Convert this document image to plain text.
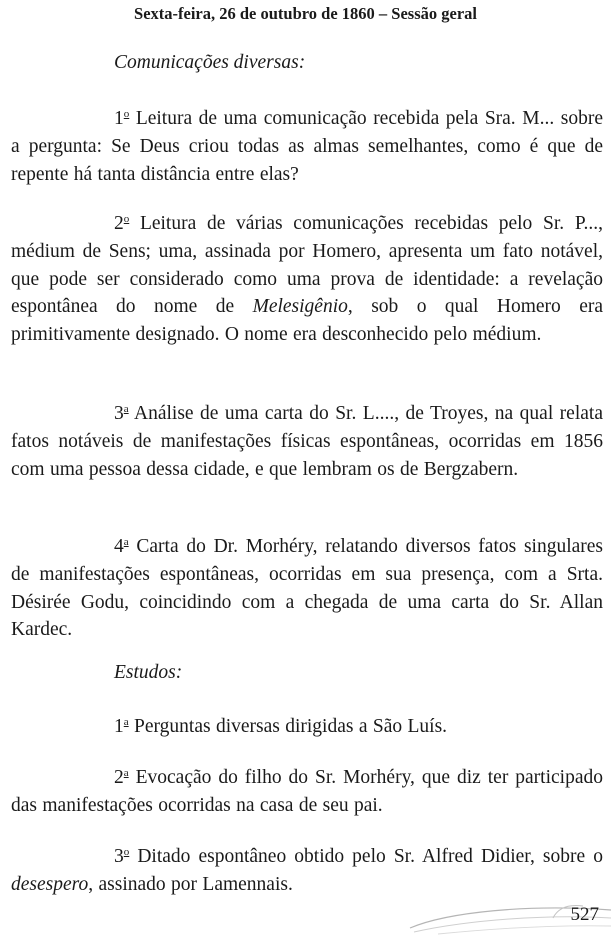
Sexta-feira, 26 de outubro de 1860 – Sessão geral
Comunicações diversas:
1$^o$ Leitura de uma comunicação recebida pela Sra. M... sobre a pergunta: Se Deus criou todas as almas semelhantes, como é que de repente há tanta distância entre elas?
2$^o$ Leitura de várias comunicações recebidas pelo Sr. P..., médium de Sens; uma, assinada por Homero, apresenta um fato notável, que pode ser considerado como uma prova de identidade: a revelação espontânea do nome de Melesigênio, sob o qual Homero era primitivamente designado. O nome era desconhecido pelo médium.
3$^a$ Análise de uma carta do Sr. L...., de Troyes, na qual relata fatos notáveis de manifestações físicas espontâneas, ocorridas em 1856 com uma pessoa dessa cidade, e que lembram os de Bergzabern.
4$^a$ Carta do Dr. Morhéry, relatando diversos fatos singulares de manifestações espontâneas, ocorridas em sua presença, com a Srta. Désirée Godu, coincidindo com a chegada de uma carta do Sr. Allan Kardec.
Estudos:
1$^a$ Perguntas diversas dirigidas a São Luís.
2$^a$ Evocação do filho do Sr. Morhéry, que diz ter participado das manifestações ocorridas na casa de seu pai.
3$^o$ Ditado espontâneo obtido pelo Sr. Alfred Didier, sobre o desespero, assinado por Lamennais.
527
